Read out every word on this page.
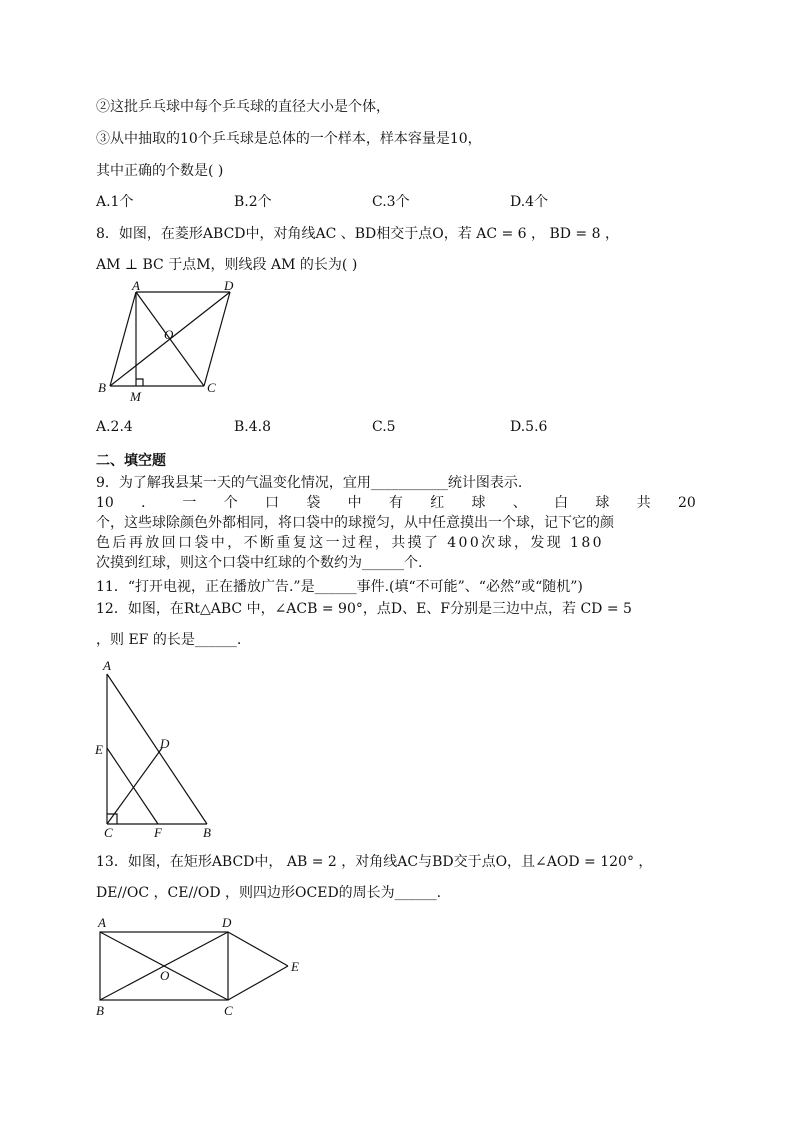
②这批乒乓球中每个乒乓球的直径大小是个体，
③从中抽取的10个乒乓球是总体的一个样本，样本容量是10，
其中正确的个数是( )
A.1个	B.2个	C.3个	D.4个
8．如图，在菱形ABCD中，对角线AC 、BD相交于点O，若 AC = 6 ， BD = 8 ，
AM ⊥ BC 于点M，则线段 AM 的长为( )
A	D
O
B
M
C
A.2.4	B.4.8	C.5	D.5.6
二、填空题
9．为了解我县某一天的气温变化情况，宜用___________统计图表示.
10 ． 一 个 口 袋 中 有 红 球 、 白 球 共 20
个，这些球除颜色外都相同，将口袋中的球搅匀，从中任意摸出一个球，记下它的颜
色后再放回口袋中，不断重复这一过程，共摸了 400次球，发现 180
次摸到红球，则这个口袋中红球的个数约为______个.
11．“打开电视，正在播放广告.”是______事件.(填“不可能”、“必然”或“随机”)
12．如图，在Rt△ABC 中，∠ACB = 90°，点D、E、F分别是三边中点，若 CD = 5
，则 EF 的长是______.
A
E	D
C	F	B
13．如图，在矩形ABCD中， AB = 2 ，对角线AC与BD交于点O，且∠AOD = 120° ，
DE//OC ，CE//OD ，则四边形OCED的周长为______.
A	D
O
E
B	C
